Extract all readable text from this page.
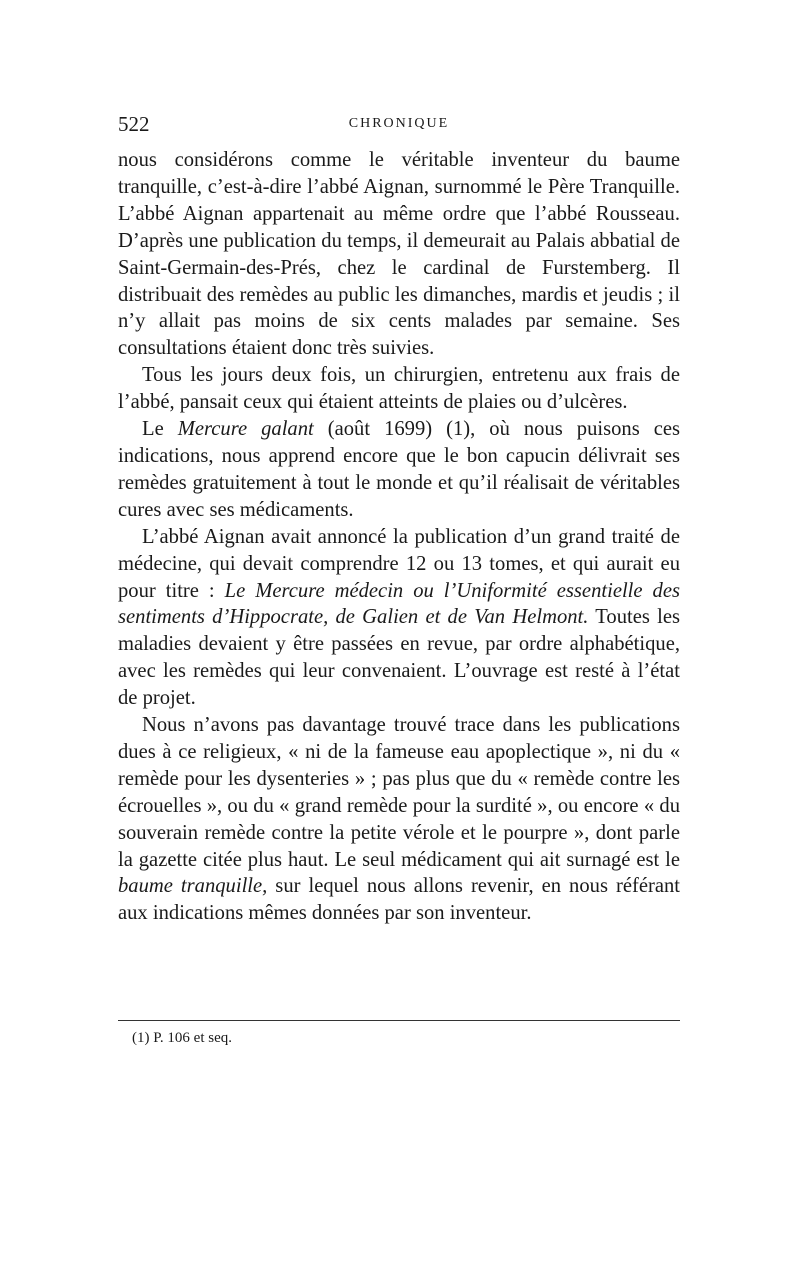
522	CHRONIQUE

nous considérons comme le véritable inventeur du baume tranquille, c’est-à-dire l’abbé Aignan, surnommé le Père Tranquille. L’abbé Aignan appartenait au même ordre que l’abbé Rousseau. D’après une publication du temps, il demeurait au Palais abbatial de Saint-Germain-des-Prés, chez le cardinal de Furstemberg. Il distribuait des remèdes au public les dimanches, mardis et jeudis ; il n’y allait pas moins de six cents malades par semaine. Ses consultations étaient donc très suivies.

Tous les jours deux fois, un chirurgien, entretenu aux frais de l’abbé, pansait ceux qui étaient atteints de plaies ou d’ulcères.

Le Mercure galant (août 1699) (1), où nous puisons ces indications, nous apprend encore que le bon capucin délivrait ses remèdes gratuitement à tout le monde et qu’il réalisait de véritables cures avec ses médicaments.

L’abbé Aignan avait annoncé la publication d’un grand traité de médecine, qui devait comprendre 12 ou 13 tomes, et qui aurait eu pour titre : Le Mercure médecin ou l’Uniformité essentielle des sentiments d’Hippocrate, de Galien et de Van Helmont. Toutes les maladies devaient y être passées en revue, par ordre alphabétique, avec les remèdes qui leur convenaient. L’ouvrage est resté à l’état de projet.

Nous n’avons pas davantage trouvé trace dans les publications dues à ce religieux, « ni de la fameuse eau apoplectique », ni du « remède pour les dysenteries » ; pas plus que du « remède contre les écrouelles », ou du « grand remède pour la surdité », ou encore « du souverain remède contre la petite vérole et le pourpre », dont parle la gazette citée plus haut. Le seul médicament qui ait surnagé est le baume tranquille, sur lequel nous allons revenir, en nous référant aux indications mêmes données par son inventeur.

(1) P. 106 et seq.
